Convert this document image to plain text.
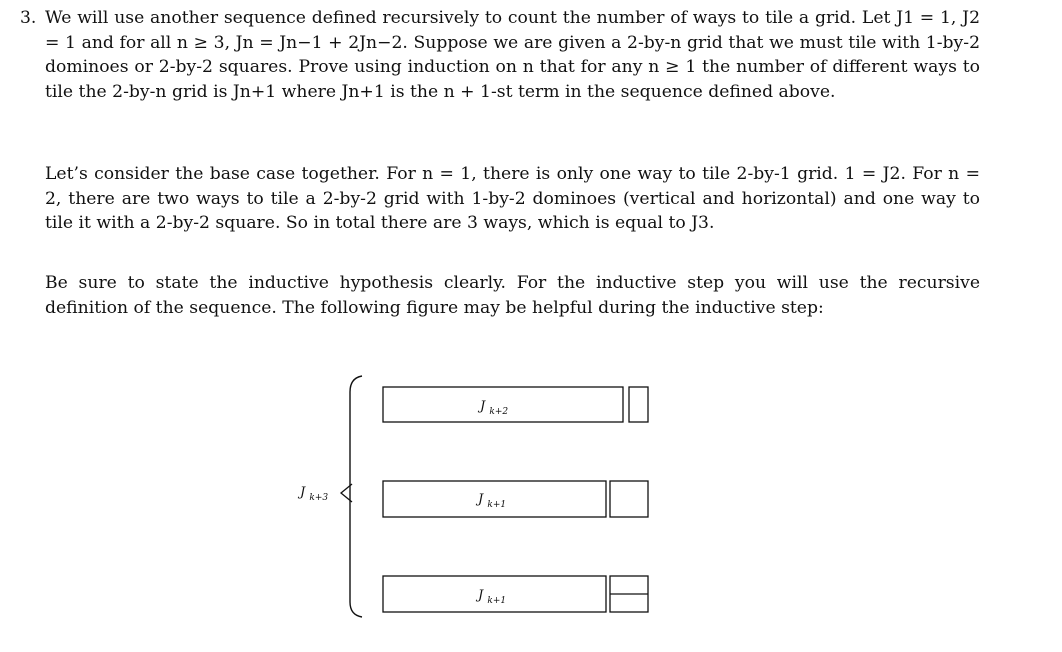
3. We will use another sequence defined recursively to count the number of ways to tile a grid. Let J1 = 1, J2 = 1 and for all n ≥ 3, Jn = Jn−1 + 2Jn−2. Suppose we are given a 2-by-n grid that we must tile with 1-by-2 dominoes or 2-by-2 squares. Prove using induction on n that for any n ≥ 1 the number of different ways to tile the 2-by-n grid is Jn+1 where Jn+1 is the n + 1-st term in the sequence defined above.

Let’s consider the base case together. For n = 1, there is only one way to tile 2-by-1 grid. 1 = J2. For n = 2, there are two ways to tile a 2-by-2 grid with 1-by-2 dominoes (vertical and horizontal) and one way to tile it with a 2-by-2 square. So in total there are 3 ways, which is equal to J3.

Be sure to state the inductive hypothesis clearly. For the inductive step you will use the recursive definition of the sequence. The following figure may be helpful during the inductive step:

J $_{k+3}$
J $_{k+2}$
J $_{k+1}$
J $_{k+1}$
